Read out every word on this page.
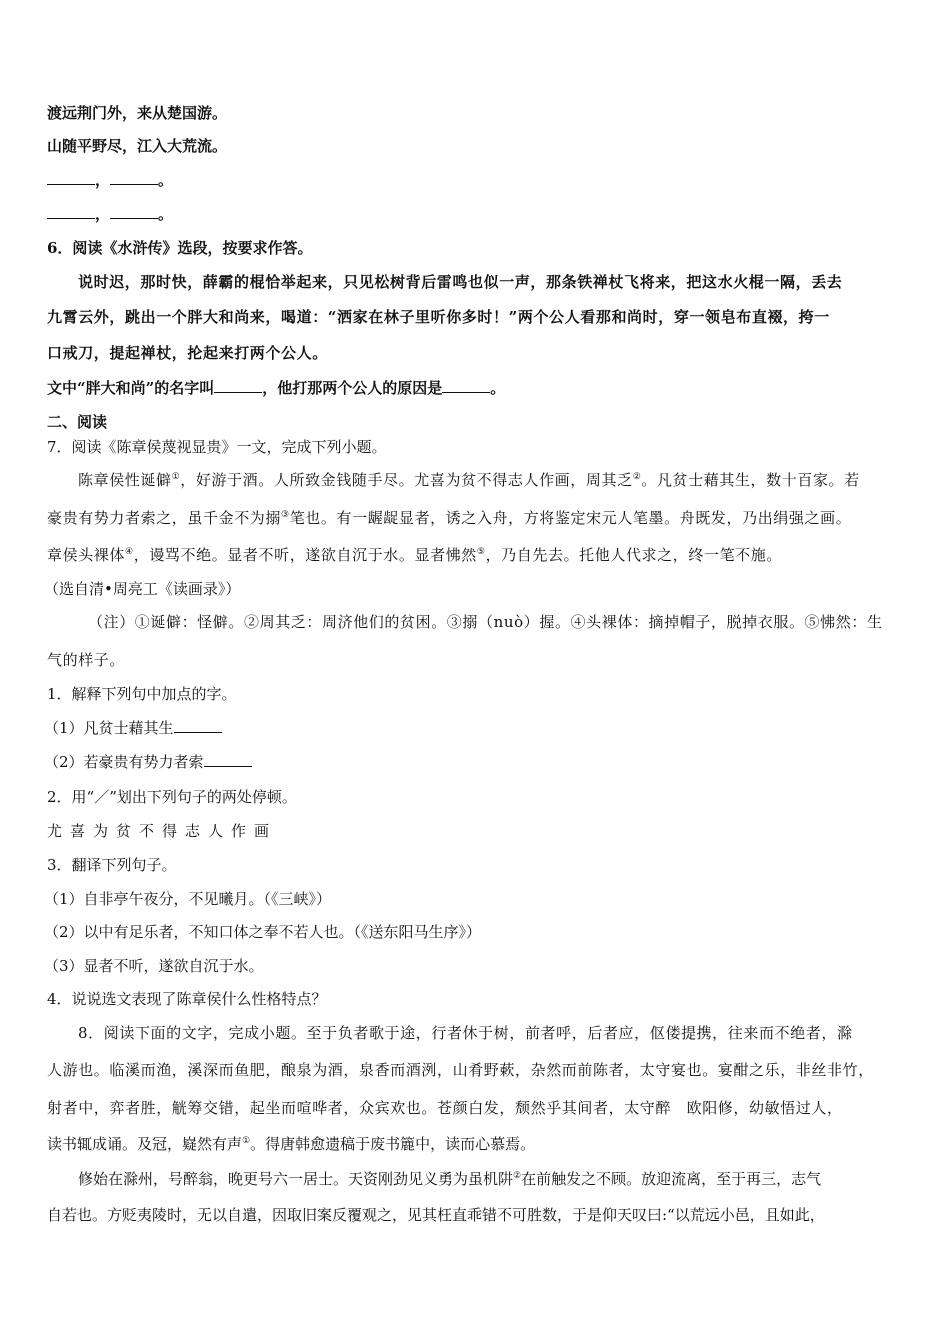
渡远荆门外，来从楚国游。
山随平野尽，江入大荒流。
，	。
，	。
6．阅读《水浒传》选段，按要求作答。
说时迟，那时快，薛霸的棍恰举起来，只见松树背后雷鸣也似一声，那条铁禅杖飞将来，把这水火棍一隔，丢去
九霄云外，跳出一个胖大和尚来，喝道：“洒家在林子里听你多时！”两个公人看那和尚时，穿一领皂布直裰，挎一
口戒刀，提起禅杖，抡起来打两个公人。
文中“胖大和尚”的名字叫	，他打那两个公人的原因是	。
二、阅读
7．阅读《陈章侯蔑视显贵》一文，完成下列小题。
陈章侯性诞僻①，好游于酒。人所致金钱随手尽。尤喜为贫不得志人作画，周其乏②。凡贫士藉其生，数十百家。若
豪贵有势力者索之，虽千金不为搦③笔也。有一龌龊显者，诱之入舟，方将鉴定宋元人笔墨。舟既发，乃出绢强之画。
章侯头裸体④，谩骂不绝。显者不听，遂欲自沉于水。显者怫然⑤，乃自先去。托他人代求之，终一笔不施。
（选自清•周亮工《读画录》）
（注）①诞僻：怪僻。②周其乏：周济他们的贫困。③搦（nuò）握。④头裸体：摘掉帽子，脱掉衣服。⑤怫然：生
气的样子。
1．解释下列句中加点的字。
（1）凡贫士藉其生
（2）若豪贵有势力者索
2．用“／”划出下列句子的两处停顿。
尤喜为贫不得志人作画
3．翻译下列句子。
（1）自非亭午夜分，不见曦月。（《三峡》）
（2）以中有足乐者，不知口体之奉不若人也。（《送东阳马生序》）
（3）显者不听，遂欲自沉于水。
4．说说选文表现了陈章侯什么性格特点？
8．阅读下面的文字，完成小题。至于负者歌于途，行者休于树，前者呼，后者应，伛偻提携，往来而不绝者，滁
人游也。临溪而渔，溪深而鱼肥，酿泉为酒，泉香而酒洌，山肴野蔌，杂然而前陈者，太守宴也。宴酣之乐，非丝非竹，
射者中，弈者胜，觥筹交错，起坐而喧哗者，众宾欢也。苍颜白发，颓然乎其间者，太守醉　欧阳修，幼敏悟过人，
读书辄成诵。及冠，嶷然有声①。得唐韩愈遗稿于废书簏中，读而心慕焉。
修始在滁州，号醉翁，晚更号六一居士。天资刚劲见义勇为虽机阱②在前触发之不顾。放迎流离，至于再三，志气
自若也。方贬夷陵时，无以自遣，因取旧案反覆观之，见其枉直乖错不可胜数，于是仰天叹曰:“以荒远小邑，且如此，
